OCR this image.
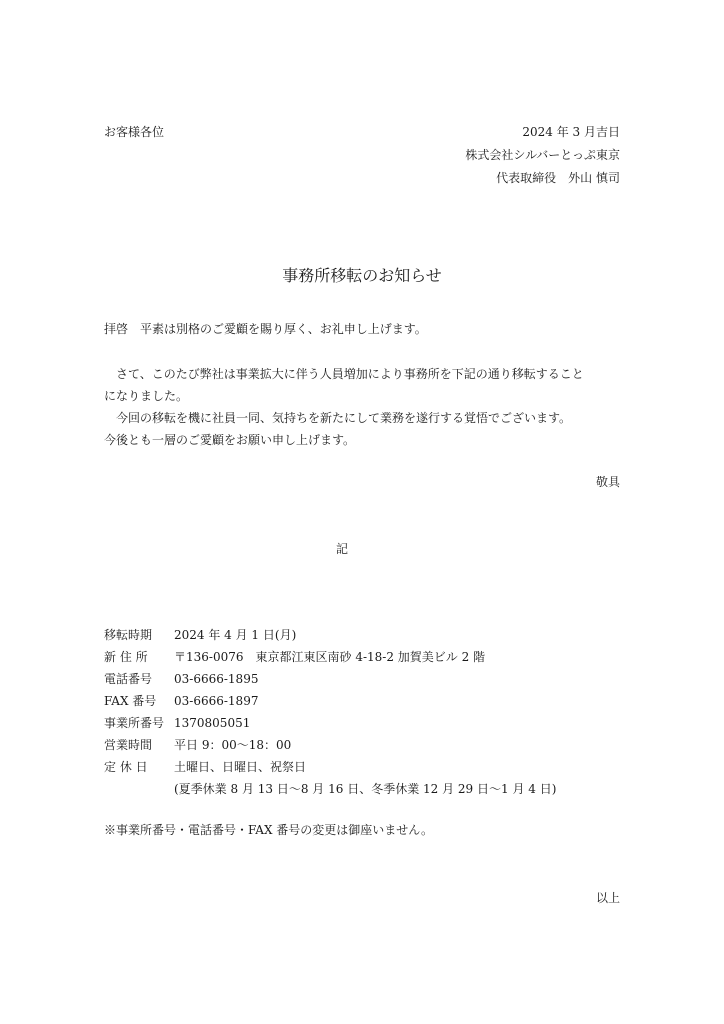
お客様各位	2024 年 3 月吉日
株式会社シルバーとっぷ東京
代表取締役　外山 慎司
事務所移転のお知らせ

拝啓　平素は別格のご愛顧を賜り厚く、お礼申し上げます。

　さて、このたび弊社は事業拡大に伴う人員増加により事務所を下記の通り移転すること

になりました。

　今回の移転を機に社員一同、気持ちを新たにして業務を遂行する覚悟でございます。

今後とも一層のご愛顧をお願い申し上げます。

敬具
記
移転時期	2024 年 4 月 1 日(月)
新 住 所	〒136-0076　東京都江東区南砂 4-18-2 加賀美ビル 2 階
電話番号	03-6666-1895
FAX 番号	03-6666-1897
事業所番号 1370805051
営業時間	平日 9：00〜18：00
定 休 日	土曜日、日曜日、祝祭日
(夏季休業 8 月 13 日〜8 月 16 日、冬季休業 12 月 29 日〜1 月 4 日)
※事業所番号・電話番号・FAX 番号の変更は御座いません。
以上
